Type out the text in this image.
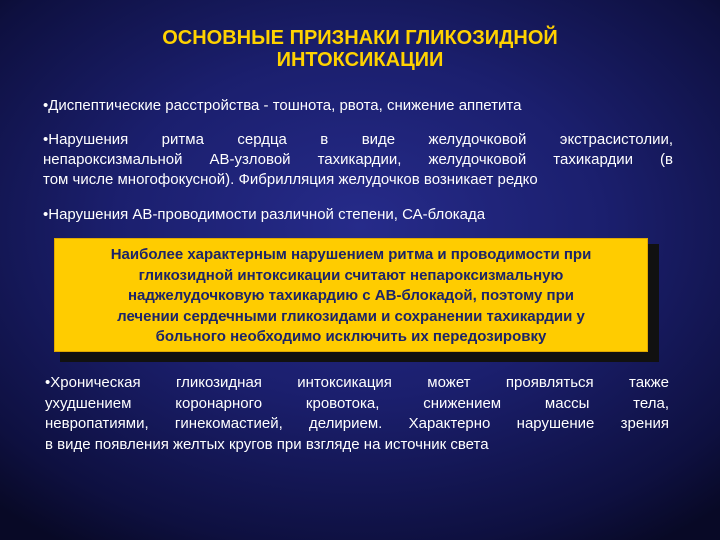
ОСНОВНЫЕ ПРИЗНАКИ ГЛИКОЗИДНОЙ
ИНТОКСИКАЦИИ

•Диспептические расстройства - тошнота, рвота, снижение аппетита

•Нарушения ритма сердца в виде желудочковой экстрасистолии,
непароксизмальной АВ-узловой тахикардии, желудочковой тахикардии (в
том числе многофокусной). Фибрилляция желудочков возникает редко

•Нарушения АВ-проводимости различной степени, СА-блокада

Наиболее характерным нарушением ритма и проводимости при
гликозидной интоксикации считают непароксизмальную
наджелудочковую тахикардию с АВ-блокадой, поэтому при
лечении сердечными гликозидами и сохранении тахикардии у
больного необходимо исключить их передозировку

•Хроническая гликозидная интоксикация может проявляться также
ухудшением коронарного кровотока, снижением массы тела,
невропатиями, гинекомастией, делирием. Характерно нарушение зрения
в виде появления желтых кругов при взгляде на источник света
